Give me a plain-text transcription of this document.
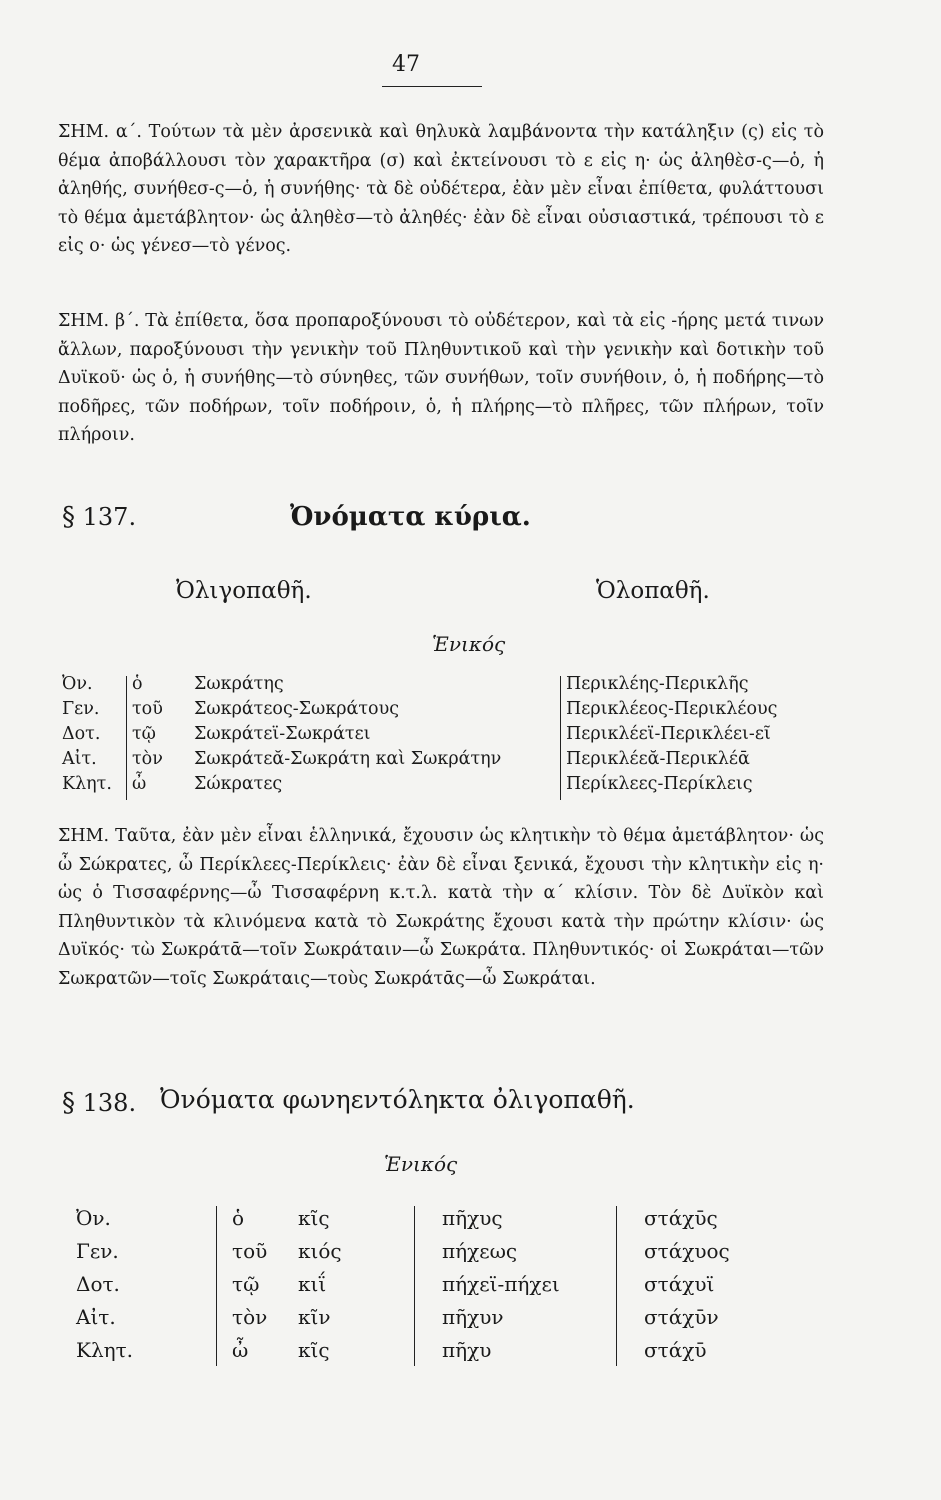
47

ΣΗΜ. α΄. Τούτων τὰ μὲν ἀρσενικὰ καὶ θηλυκὰ λαμβάνοντα τὴν κατάληξιν (ς) εἰς τὸ θέμα ἀποβάλλουσι τὸν χαρακτῆρα (σ) καὶ ἐκτείνουσι τὸ ε εἰς η· ὡς ἀληθὲσ-ς—ὁ, ἡ ἀληθής, συνήθεσ-ς—ὁ, ἡ συνήθης· τὰ δὲ οὐδέτερα, ἐὰν μὲν εἶναι ἐπίθετα, φυλάττουσι τὸ θέμα ἀμετάβλητον· ὡς ἀληθὲσ—τὸ ἀληθές· ἐὰν δὲ εἶναι οὐσιαστικά, τρέπουσι τὸ ε εἰς ο· ὡς γένεσ—τὸ γένος.

ΣΗΜ. β΄. Τὰ ἐπίθετα, ὅσα προπαροξύνουσι τὸ οὐδέτερον, καὶ τὰ εἰς -ήρης μετά τινων ἄλλων, παροξύνουσι τὴν γενικὴν τοῦ Πληθυντικοῦ καὶ τὴν γενικὴν καὶ δοτικὴν τοῦ Δυϊκοῦ· ὡς ὁ, ἡ συνήθης—τὸ σύνηθες, τῶν συνήθων, τοῖν συνήθοιν, ὁ, ἡ ποδήρης—τὸ ποδῆρες, τῶν ποδήρων, τοῖν ποδήροιν, ὁ, ἡ πλήρης—τὸ πλῆρες, τῶν πλήρων, τοῖν πλήροιν.

§ 137.	Ὀνόματα κύρια.
Ὀλιγοπαθῆ.	Ὁλοπαθῆ.
Ἑνικός
Ὀν. ὁ	Σωκράτης	Περικλέης-Περικλῆς
Γεν. τοῦ Σωκράτεος-Σωκράτους	Περικλέεος-Περικλέους
Δοτ. τῷ Σωκράτεϊ-Σωκράτει	Περικλέεϊ-Περικλέει-εῖ
Αἰτ. τὸν Σωκράτεᾰ-Σωκράτη καὶ Σωκράτην	Περικλέεᾰ-Περικλέᾱ
Κλητ. ὦ	Σώκρατες	Περίκλεες-Περίκλεις

ΣΗΜ. Ταῦτα, ἐὰν μὲν εἶναι ἑλληνικά, ἔχουσιν ὡς κλητικὴν τὸ θέμα ἀμετάβλητον· ὡς ὦ Σώκρατες, ὦ Περίκλεες-Περίκλεις· ἐὰν δὲ εἶναι ξενικά, ἔχουσι τὴν κλητικὴν εἰς η· ὡς ὁ Τισσαφέρνης—ὦ Τισσαφέρνη κ.τ.λ. κατὰ τὴν α΄ κλίσιν. Τὸν δὲ Δυϊκὸν καὶ Πληθυντικὸν τὰ κλινόμενα κατὰ τὸ Σωκράτης ἔχουσι κατὰ τὴν πρώτην κλίσιν· ὡς Δυϊκός· τὼ Σωκράτᾱ—τοῖν Σωκράταιν—ὦ Σωκράτα. Πληθυντικός· οἱ Σωκράται—τῶν Σωκρατῶν—τοῖς Σωκράταις—τοὺς Σωκράτᾱς—ὦ Σωκράται.

§ 138. Ὀνόματα φωνηεντόληκτα ὀλιγοπαθῆ.
Ἑνικός
Ὀν.	ὁ	κῖς	πῆχυς	στάχῡς
Γεν.	τοῦ κιός	πήχεως	στάχυος
Δοτ.	τῷ κιΐ	πήχεϊ-πήχει	στάχυϊ
Αἰτ.	τὸν κῖν	πῆχυν	στάχῡν
Κλητ.	ὦ κῖς	πῆχυ	στάχῡ
